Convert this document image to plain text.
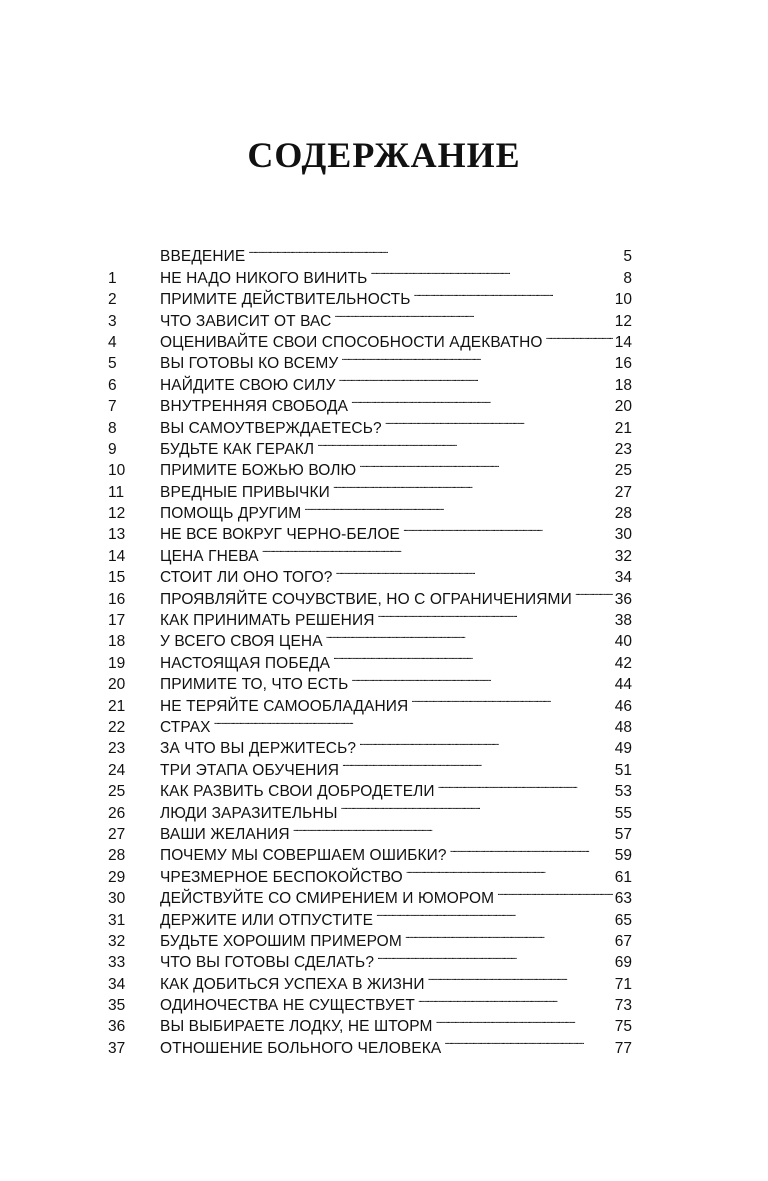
СОДЕРЖАНИЕ
ВВЕДЕНИЕ . . .	5
1	НЕ НАДО НИКОГО ВИНИТЬ . . .	8
2	ПРИМИТЕ ДЕЙСТВИТЕЛЬНОСТЬ . . .	10
3	ЧТО ЗАВИСИТ ОТ ВАС . . .	12
4	ОЦЕНИВАЙТЕ СВОИ СПОСОБНОСТИ АДЕКВАТНО . . .	14
5	ВЫ ГОТОВЫ КО ВСЕМУ . . .	16
6	НАЙДИТЕ СВОЮ СИЛУ . . .	18
7	ВНУТРЕННЯЯ СВОБОДА . . .	20
8	ВЫ САМОУТВЕРЖДАЕТЕСЬ? . . .	21
9	БУДЬТЕ КАК ГЕРАКЛ . . .	23
10	ПРИМИТЕ БОЖЬЮ ВОЛЮ . . .	25
11	ВРЕДНЫЕ ПРИВЫЧКИ . . .	27
12	ПОМОЩЬ ДРУГИМ . . .	28
13	НЕ ВСЕ ВОКРУГ ЧЕРНО-БЕЛОЕ . . .	30
14	ЦЕНА ГНЕВА . . .	32
15	СТОИТ ЛИ ОНО ТОГО? . . .	34
16	ПРОЯВЛЯЙТЕ СОЧУВСТВИЕ, НО С ОГРАНИЧЕНИЯМИ . . .	36
17	КАК ПРИНИМАТЬ РЕШЕНИЯ . . .	38
18	У ВСЕГО СВОЯ ЦЕНА . . .	40
19	НАСТОЯЩАЯ ПОБЕДА . . .	42
20	ПРИМИТЕ ТО, ЧТО ЕСТЬ . . .	44
21	НЕ ТЕРЯЙТЕ САМООБЛАДАНИЯ . . .	46
22	СТРАХ . . .	48
23	ЗА ЧТО ВЫ ДЕРЖИТЕСЬ? . . .	49
24	ТРИ ЭТАПА ОБУЧЕНИЯ . . .	51
25	КАК РАЗВИТЬ СВОИ ДОБРОДЕТЕЛИ . . .	53
26	ЛЮДИ ЗАРАЗИТЕЛЬНЫ . . .	55
27	ВАШИ ЖЕЛАНИЯ . . .	57
28	ПОЧЕМУ МЫ СОВЕРШАЕМ ОШИБКИ? . . .	59
29	ЧРЕЗМЕРНОЕ БЕСПОКОЙСТВО . . .	61
30	ДЕЙСТВУЙТЕ СО СМИРЕНИЕМ И ЮМОРОМ . . .	63
31	ДЕРЖИТЕ ИЛИ ОТПУСТИТЕ . . .	65
32	БУДЬТЕ ХОРОШИМ ПРИМЕРОМ . . .	67
33	ЧТО ВЫ ГОТОВЫ СДЕЛАТЬ? . . .	69
34	КАК ДОБИТЬСЯ УСПЕХА В ЖИЗНИ . . .	71
35	ОДИНОЧЕСТВА НЕ СУЩЕСТВУЕТ . . .	73
36	ВЫ ВЫБИРАЕТЕ ЛОДКУ, НЕ ШТОРМ . . .	75
37	ОТНОШЕНИЕ БОЛЬНОГО ЧЕЛОВЕКА . . .	77
